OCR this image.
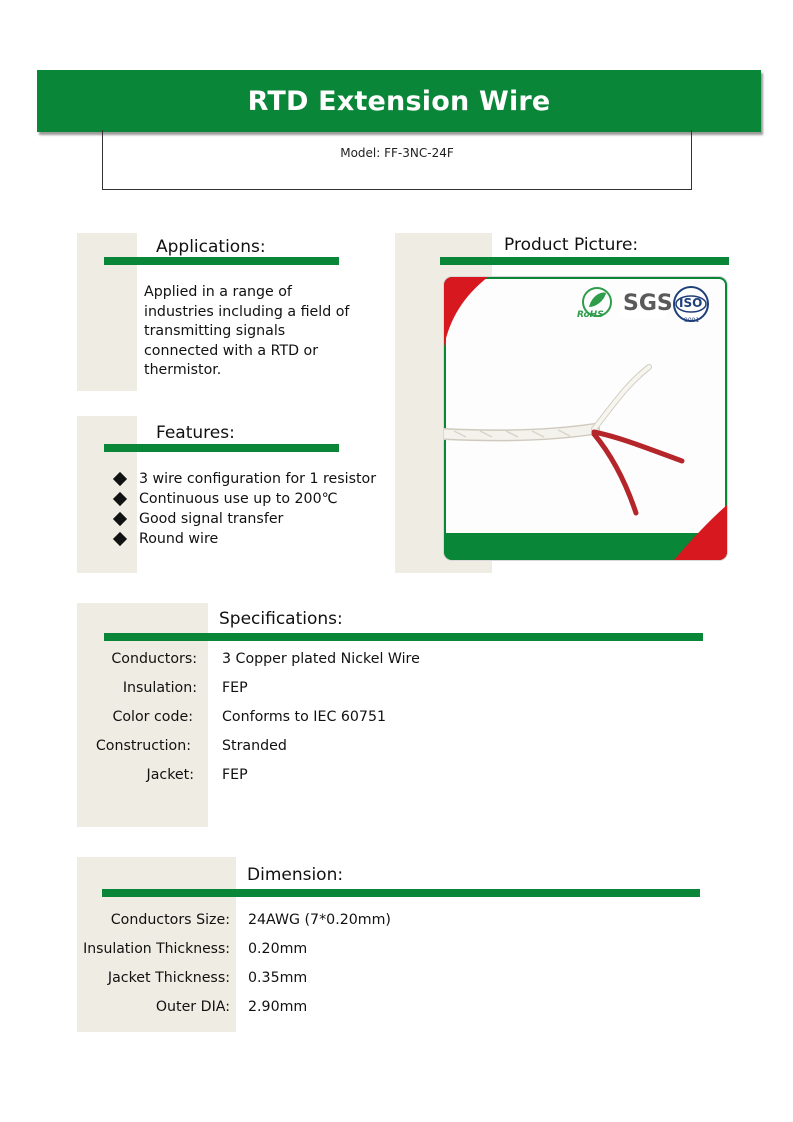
RTD Extension Wire
Model: FF-3NC-24F
Applications:
Applied in a range of
industries including a field of
transmitting signals
connected with a RTD or
thermistor.
Features:
3 wire configuration for 1 resistor
Continuous use up to 200℃
Good signal transfer
Round wire
Product Picture:
RoHS SGS ISO
9001
Specifications:
Conductors: 3 Copper plated Nickel Wire
Insulation: FEP
Color code: Conforms to IEC 60751
Construction: Stranded
Jacket: FEP
Dimension:
Conductors Size: 24AWG (7*0.20mm)
Insulation Thickness: 0.20mm
Jacket Thickness: 0.35mm
Outer DIA: 2.90mm
